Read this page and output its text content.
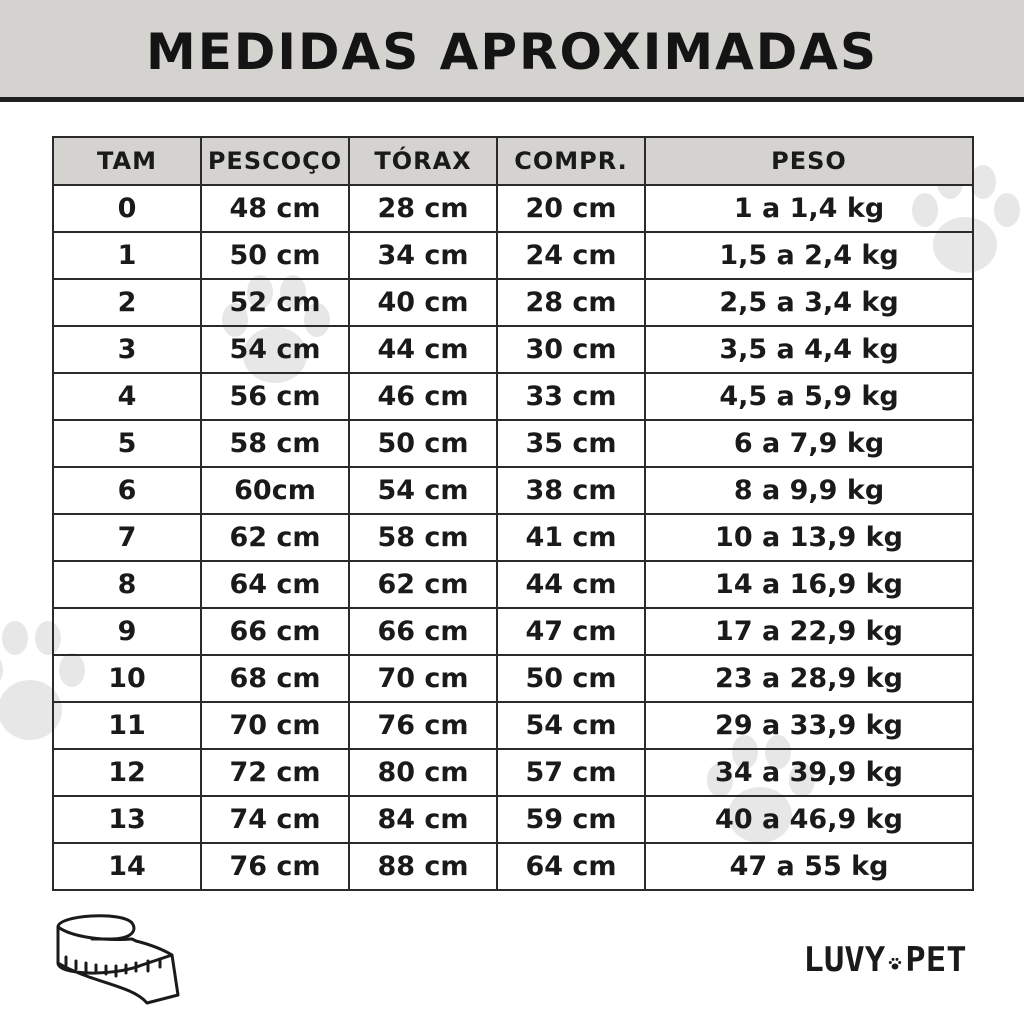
MEDIDAS APROXIMADAS
TAM	PESCOÇO	TÓRAX	COMPR.	PESO
0	48 cm	28 cm	20 cm	1 a 1,4 kg
1	50 cm	34 cm	24 cm	1,5 a 2,4 kg
2	52 cm	40 cm	28 cm	2,5 a 3,4 kg
3	54 cm	44 cm	30 cm	3,5 a 4,4 kg
4	56 cm	46 cm	33 cm	4,5 a 5,9 kg
5	58 cm	50 cm	35 cm	6 a 7,9 kg
6	60cm	54 cm	38 cm	8 a 9,9 kg
7	62 cm	58 cm	41 cm	10 a 13,9 kg
8	64 cm	62 cm	44 cm	14 a 16,9 kg
9	66 cm	66 cm	47 cm	17 a 22,9 kg
10	68 cm	70 cm	50 cm	23 a 28,9 kg
11	70 cm	76 cm	54 cm	29 a 33,9 kg
12	72 cm	80 cm	57 cm	34 a 39,9 kg
13	74 cm	84 cm	59 cm	40 a 46,9 kg
14	76 cm	88 cm	64 cm	47 a 55 kg
LUVY PET
